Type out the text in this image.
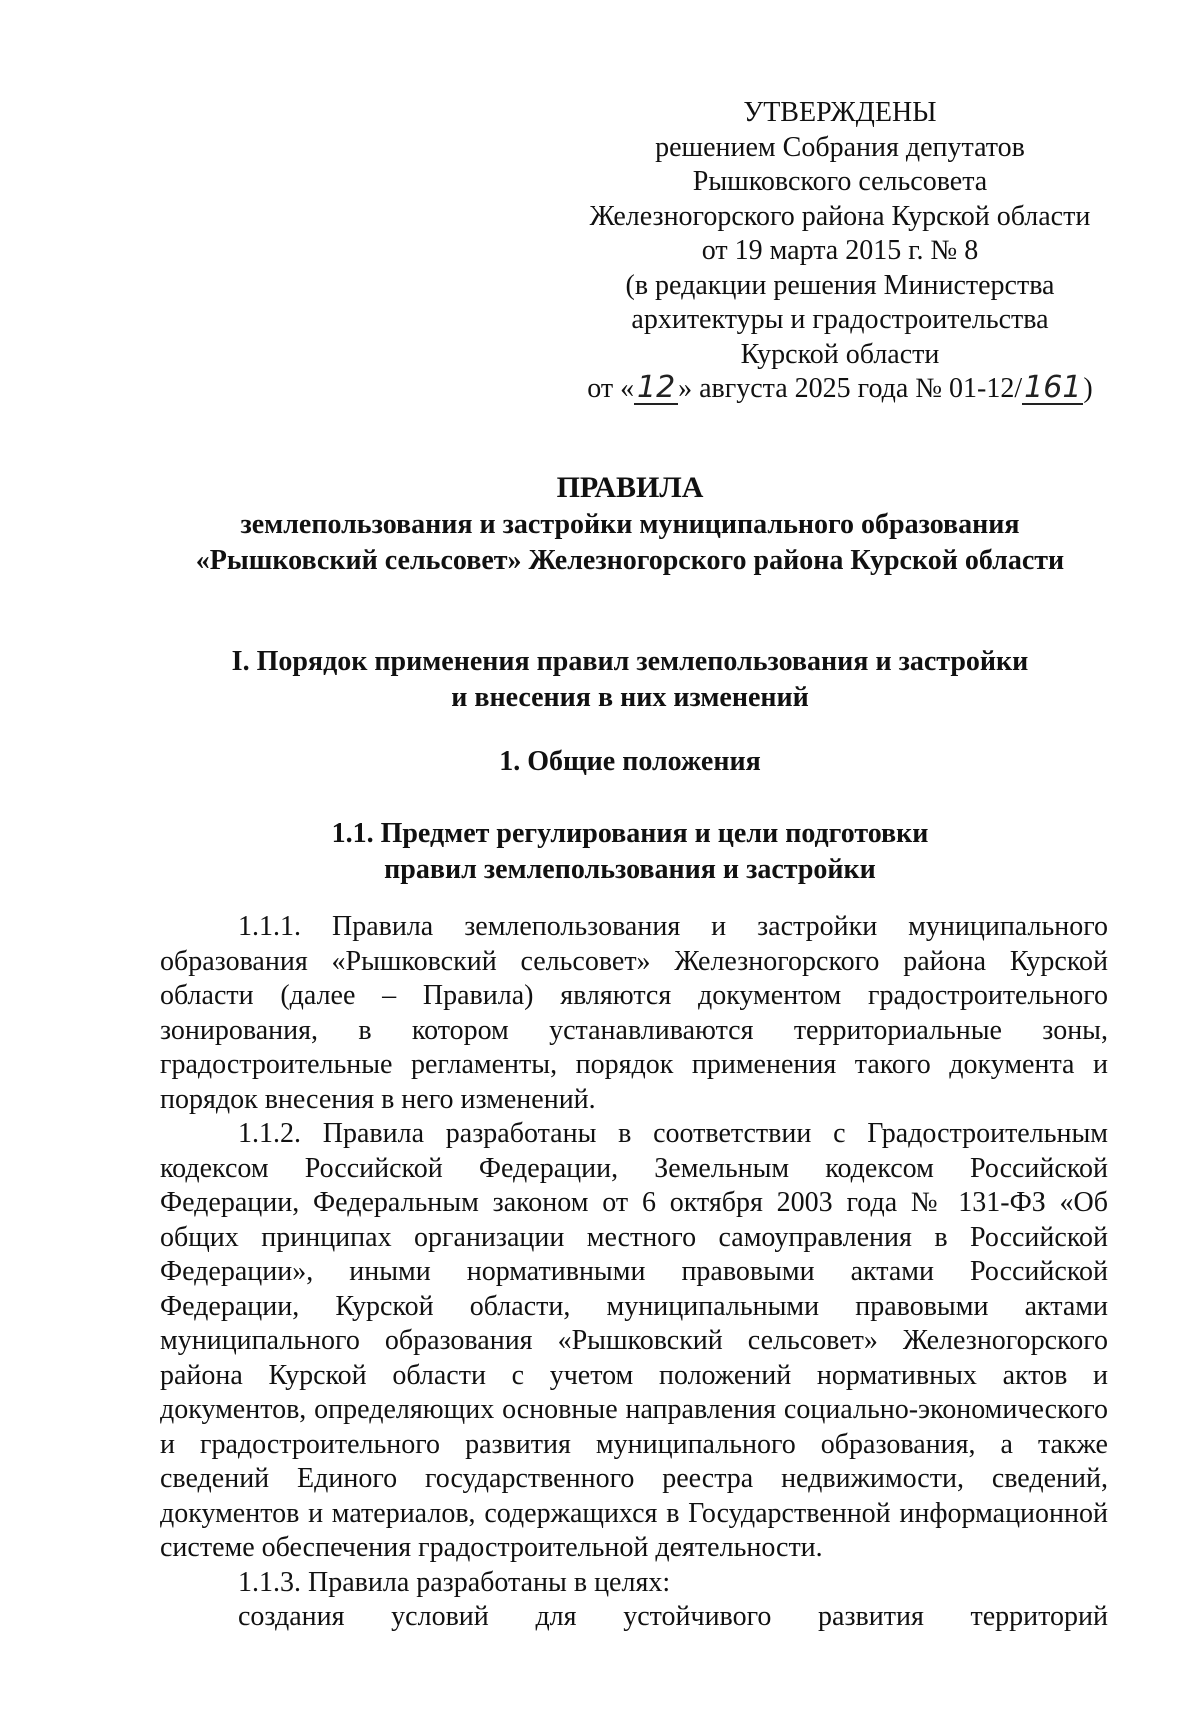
УТВЕРЖДЕНЫ
решением Собрания депутатов
Рышковского сельсовета
Железногорского района Курской области
от 19 марта 2015 г. № 8
(в редакции решения Министерства
архитектуры и градостроительства
Курской области
от «12 » августа 2025 года № 01-12/161)
ПРАВИЛА
землепользования и застройки муниципального образования
«Рышковский сельсовет» Железногорского района Курской области
I. Порядок применения правил землепользования и застройки
и внесения в них изменений
1. Общие положения
1.1. Предмет регулирования и цели подготовки
правил землепользования и застройки

1.1.1. Правила землепользования и застройки муниципального образования «Рышковский сельсовет» Железногорского района Курской области (далее – Правила) являются документом градостроительного зонирования, в котором устанавливаются территориальные зоны, градостроительные регламенты, порядок применения такого документа и порядок внесения в него изменений.

1.1.2. Правила разработаны в соответствии с Градостроительным кодексом Российской Федерации, Земельным кодексом Российской Федерации, Федеральным законом от 6 октября 2003 года № 131-ФЗ «Об общих принципах организации местного самоуправления в Российской Федерации», иными нормативными правовыми актами Российской Федерации, Курской области, муниципальными правовыми актами муниципального образования «Рышковский сельсовет» Железногорского района Курской области с учетом положений нормативных актов и документов, определяющих основные направления социально-экономического и градостроительного развития муниципального образования, а также сведений Единого государственного реестра недвижимости, сведений, документов и материалов, содержащихся в Государственной информационной системе обеспечения градостроительной деятельности.

1.1.3. Правила разработаны в целях:

создания условий для устойчивого развития территорий
